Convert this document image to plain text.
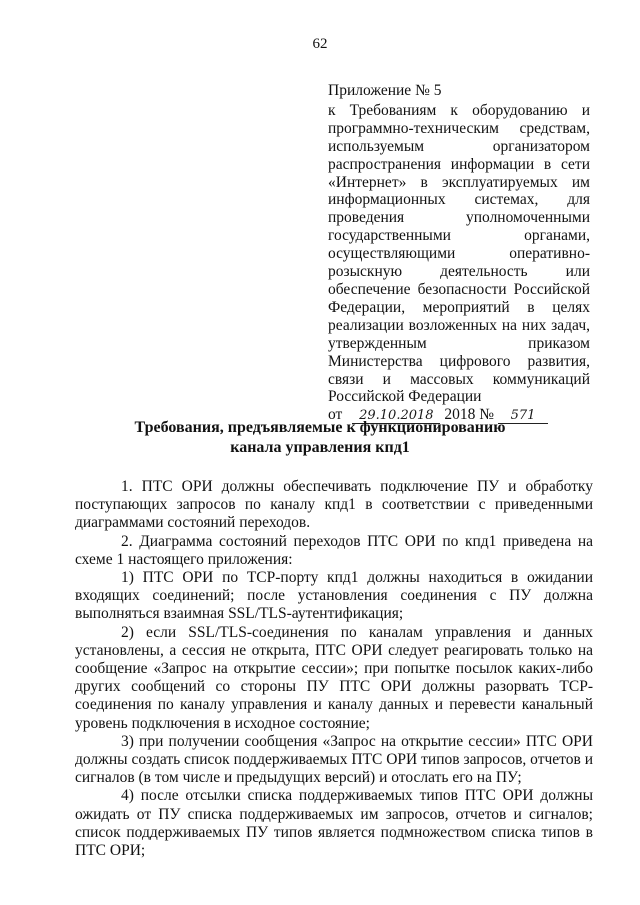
62

Приложение № 5

к Требованиям к оборудованию и программно-техническим средствам, используемым организатором распространения информации в сети «Интернет» в эксплуатируемых им информационных системах, для проведения уполномоченными государственными органами, осуществляющими оперативно-розыскную деятельность или обеспечение безопасности Российской Федерации, мероприятий в целях реализации возложенных на них задач, утвержденным приказом Министерства цифрового развития, связи и массовых коммуникаций Российской Федерации

от	29.10.2018 2018 №	571

Требования, предъявляемые к функционированию
канала управления кпд1

1. ПТС ОРИ должны обеспечивать подключение ПУ и обработку поступающих запросов по каналу кпд1 в соответствии с приведенными диаграммами состояний переходов.

2. Диаграмма состояний переходов ПТС ОРИ по кпд1 приведена на схеме 1 настоящего приложения:

1) ПТС ОРИ по TCP-порту кпд1 должны находиться в ожидании входящих соединений; после установления соединения с ПУ должна выполняться взаимная SSL/TLS-аутентификация;

2) если SSL/TLS-соединения по каналам управления и данных установлены, а сессия не открыта, ПТС ОРИ следует реагировать только на сообщение «Запрос на открытие сессии»; при попытке посылок каких-либо других сообщений со стороны ПУ ПТС ОРИ должны разорвать TCP-соединения по каналу управления и каналу данных и перевести канальный уровень подключения в исходное состояние;

3) при получении сообщения «Запрос на открытие сессии» ПТС ОРИ должны создать список поддерживаемых ПТС ОРИ типов запросов, отчетов и сигналов (в том числе и предыдущих версий) и отослать его на ПУ;

4) после отсылки списка поддерживаемых типов ПТС ОРИ должны ожидать от ПУ списка поддерживаемых им запросов, отчетов и сигналов; список поддерживаемых ПУ типов является подмножеством списка типов в ПТС ОРИ;
